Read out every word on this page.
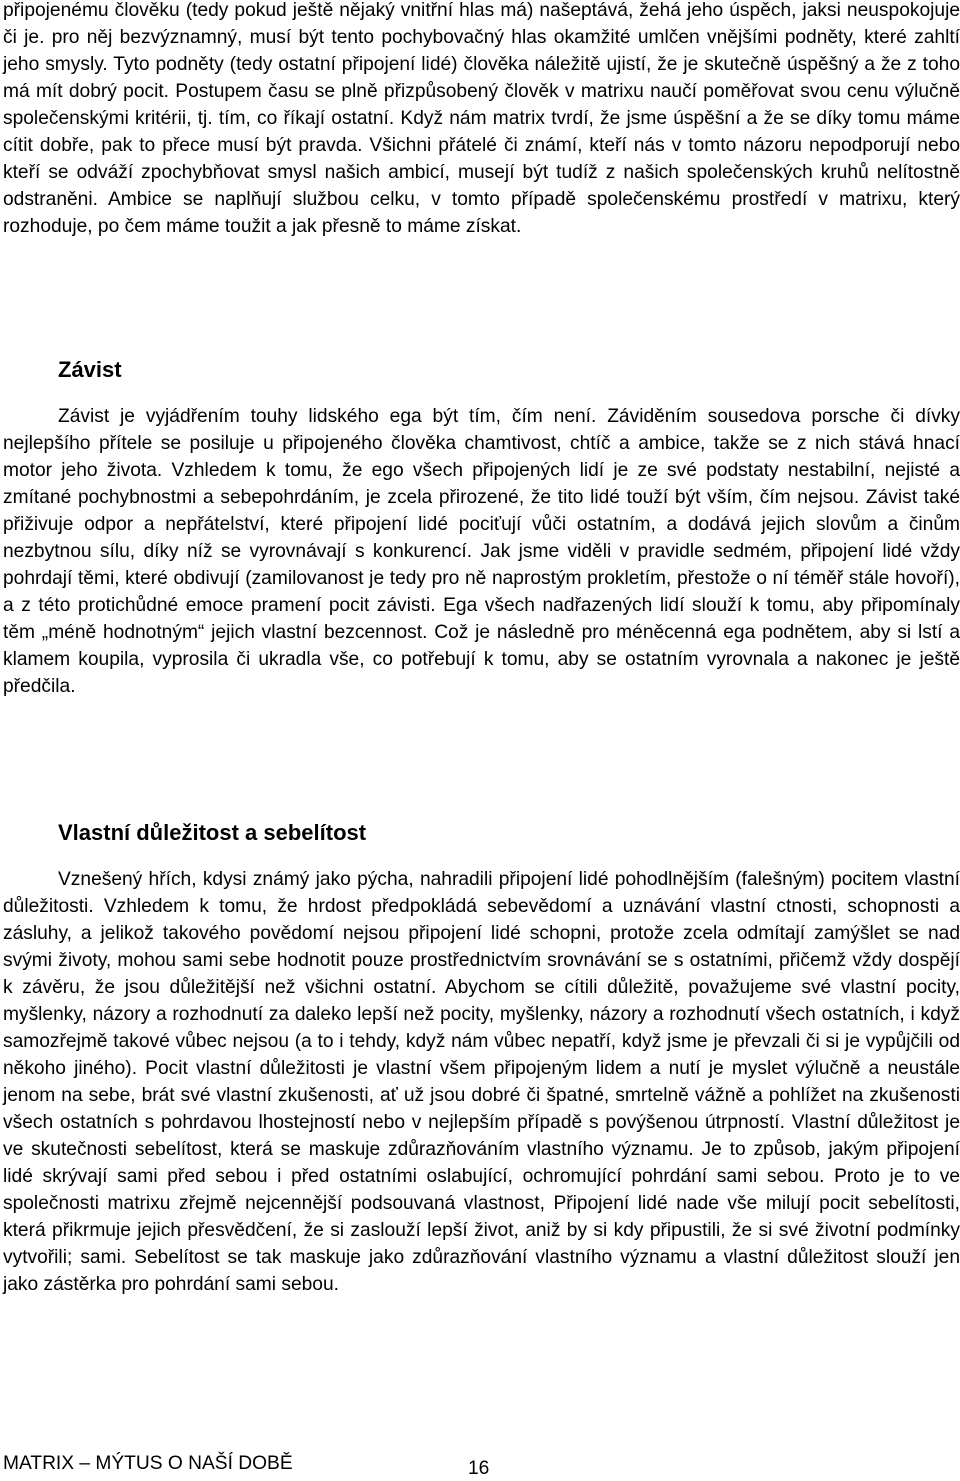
připojenému člověku (tedy pokud ještě nějaký vnitřní hlas má) našeptává, žehá jeho úspěch, jaksi neuspokojuje či je. pro něj bezvýznamný, musí být tento pochybovačný hlas okamžité umlčen vnějšími podněty, které zahltí jeho smysly. Tyto podněty (tedy ostatní připojení lidé) člověka náležitě ujistí, že je skutečně úspěšný a že z toho má mít dobrý pocit. Postupem času se plně přizpůsobený člověk v matrixu naučí poměřovat svou cenu výlučně společenskými kritérii, tj. tím, co říkají ostatní. Když nám matrix tvrdí, že jsme úspěšní a že se díky tomu máme cítit dobře, pak to přece musí být pravda. Všichni přátelé či známí, kteří nás v tomto názoru nepodporují nebo kteří se odváží zpochybňovat smysl našich ambicí, musejí být tudíž z našich společenských kruhů nelítostně odstraněni. Ambice se naplňují službou celku, v tomto případě společenskému prostředí v matrixu, který rozhoduje, po čem máme toužit a jak přesně to máme získat.

Závist

Závist je vyjádřením touhy lidského ega být tím, čím není. Záviděním sousedova porsche či dívky nejlepšího přítele se posiluje u připojeného člověka chamtivost, chtíč a ambice, takže se z nich stává hnací motor jeho života. Vzhledem k tomu, že ego všech připojených lidí je ze své podstaty nestabilní, nejisté a zmítané pochybnostmi a sebepohrdáním, je zcela přirozené, že tito lidé touží být vším, čím nejsou. Závist také přiživuje odpor a nepřátelství, které připojení lidé pociťují vůči ostatním, a dodává jejich slovům a činům nezbytnou sílu, díky níž se vyrovnávají s konkurencí. Jak jsme viděli v pravidle sedmém, připojení lidé vždy pohrdají těmi, které obdivují (zamilovanost je tedy pro ně naprostým prokletím, přestože o ní téměř stále hovoří), a z této protichůdné emoce pramení pocit závisti. Ega všech nadřazených lidí slouží k tomu, aby připomínaly těm „méně hodnotným“ jejich vlastní bezcennost. Což je následně pro méněcenná ega podnětem, aby si lstí a klamem koupila, vyprosila či ukradla vše, co potřebují k tomu, aby se ostatním vyrovnala a nakonec je ještě předčila.

Vlastní důležitost a sebelítost

Vznešený hřích, kdysi známý jako pýcha, nahradili připojení lidé pohodlnějším (falešným) pocitem vlastní důležitosti. Vzhledem k tomu, že hrdost předpokládá sebevědomí a uznávání vlastní ctnosti, schopnosti a zásluhy, a jelikož takového povědomí nejsou připojení lidé schopni, protože zcela odmítají zamýšlet se nad svými životy, mohou sami sebe hodnotit pouze prostřednictvím srovnávání se s ostatními, přičemž vždy dospějí k závěru, že jsou důležitější než všichni ostatní. Abychom se cítili důležitě, považujeme své vlastní pocity, myšlenky, názory a rozhodnutí za daleko lepší než pocity, myšlenky, názory a rozhodnutí všech ostatních, i když samozřejmě takové vůbec nejsou (a to i tehdy, když nám vůbec nepatří, když jsme je převzali či si je vypůjčili od někoho jiného). Pocit vlastní důležitosti je vlastní všem připojeným lidem a nutí je myslet výlučně a neustále jenom na sebe, brát své vlastní zkušenosti, ať už jsou dobré či špatné, smrtelně vážně a pohlížet na zkušenosti všech ostatních s pohrdavou lhostejností nebo v nejlepším případě s povýšenou útrpností. Vlastní důležitost je ve skutečnosti sebelítost, která se maskuje zdůrazňováním vlastního významu. Je to způsob, jakým připojení lidé skrývají sami před sebou i před ostatními oslabující, ochromující pohrdání sami sebou. Proto je to ve společnosti matrixu zřejmě nejcennější podsouvaná vlastnost, Připojení lidé nade vše milují pocit sebelítosti, která přikrmuje jejich přesvědčení, že si zaslouží lepší život, aniž by si kdy připustili, že si své životní podmínky vytvořili; sami. Sebelítost se tak maskuje jako zdůrazňování vlastního významu a vlastní důležitost slouží jen jako zástěrka pro pohrdání sami sebou.

MATRIX – MÝTUS O NAŠÍ DOBĚ	16
